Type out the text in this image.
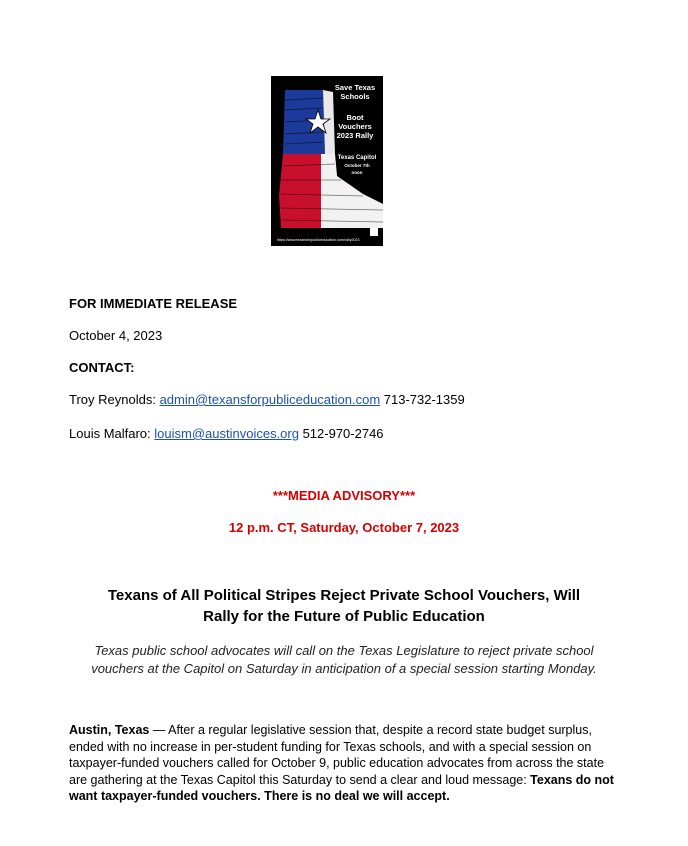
Save Texas
Schools
Boot
Vouchers
2023 Rally
Texas Capitol
October 7th
noon
https://www.texansforpubliceducation.com/rally2023
FOR IMMEDIATE RELEASE
October 4, 2023
CONTACT:
Troy Reynolds: admin@texansforpubliceducation.com 713-732-1359
Louis Malfaro: louism@austinvoices.org 512-970-2746
***MEDIA ADVISORY***
12 p.m. CT, Saturday, October 7, 2023
Texans of All Political Stripes Reject Private School Vouchers, Will
Rally for the Future of Public Education
Texas public school advocates will call on the Texas Legislature to reject private school
vouchers at the Capitol on Saturday in anticipation of a special session starting Monday.
Austin, Texas — After a regular legislative session that, despite a record state budget surplus, ended with no increase in per-student funding for Texas schools, and with a special session on taxpayer-funded vouchers called for October 9, public education advocates from across the state are gathering at the Texas Capitol this Saturday to send a clear and loud message: Texans do not want taxpayer-funded vouchers. There is no deal we will accept.
